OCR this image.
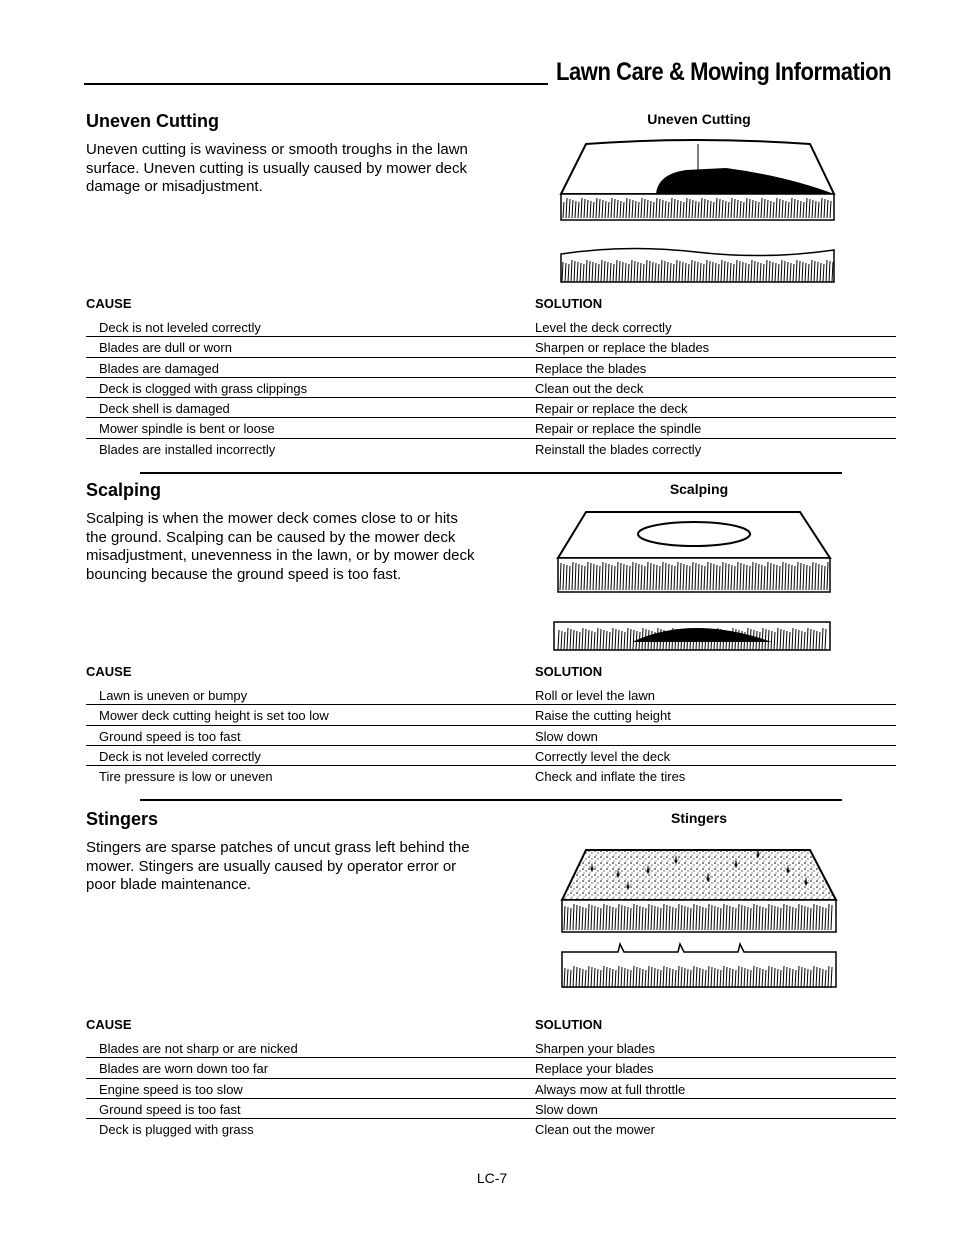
Lawn Care & Mowing Information
Uneven Cutting
Uneven cutting is waviness or smooth troughs in the lawn surface. Uneven cutting is usually caused by mower deck damage or misadjustment.
Uneven Cutting
CAUSE	SOLUTION
Deck is not leveled correctly	Level the deck correctly
Blades are dull or worn	Sharpen or replace the blades
Blades are damaged	Replace the blades
Deck is clogged with grass clippings	Clean out the deck
Deck shell is damaged	Repair or replace the deck
Mower spindle is bent or loose	Repair or replace the spindle
Blades are installed incorrectly	Reinstall the blades correctly
Scalping
Scalping is when the mower deck comes close to or hits the ground. Scalping can be caused by the mower deck misadjustment, unevenness in the lawn, or by mower deck bouncing because the ground speed is too fast.
Scalping
CAUSE	SOLUTION
Lawn is uneven or bumpy	Roll or level the lawn
Mower deck cutting height is set too low	Raise the cutting height
Ground speed is too fast	Slow down
Deck is not leveled correctly	Correctly level the deck
Tire pressure is low or uneven	Check and inflate the tires
Stingers
Stingers are sparse patches of uncut grass left behind the mower. Stingers are usually caused by operator error or poor blade maintenance.
Stingers
CAUSE	SOLUTION
Blades are not sharp or are nicked	Sharpen your blades
Blades are worn down too far	Replace your blades
Engine speed is too slow	Always mow at full throttle
Ground speed is too fast	Slow down
Deck is plugged with grass	Clean out the mower
LC-7
